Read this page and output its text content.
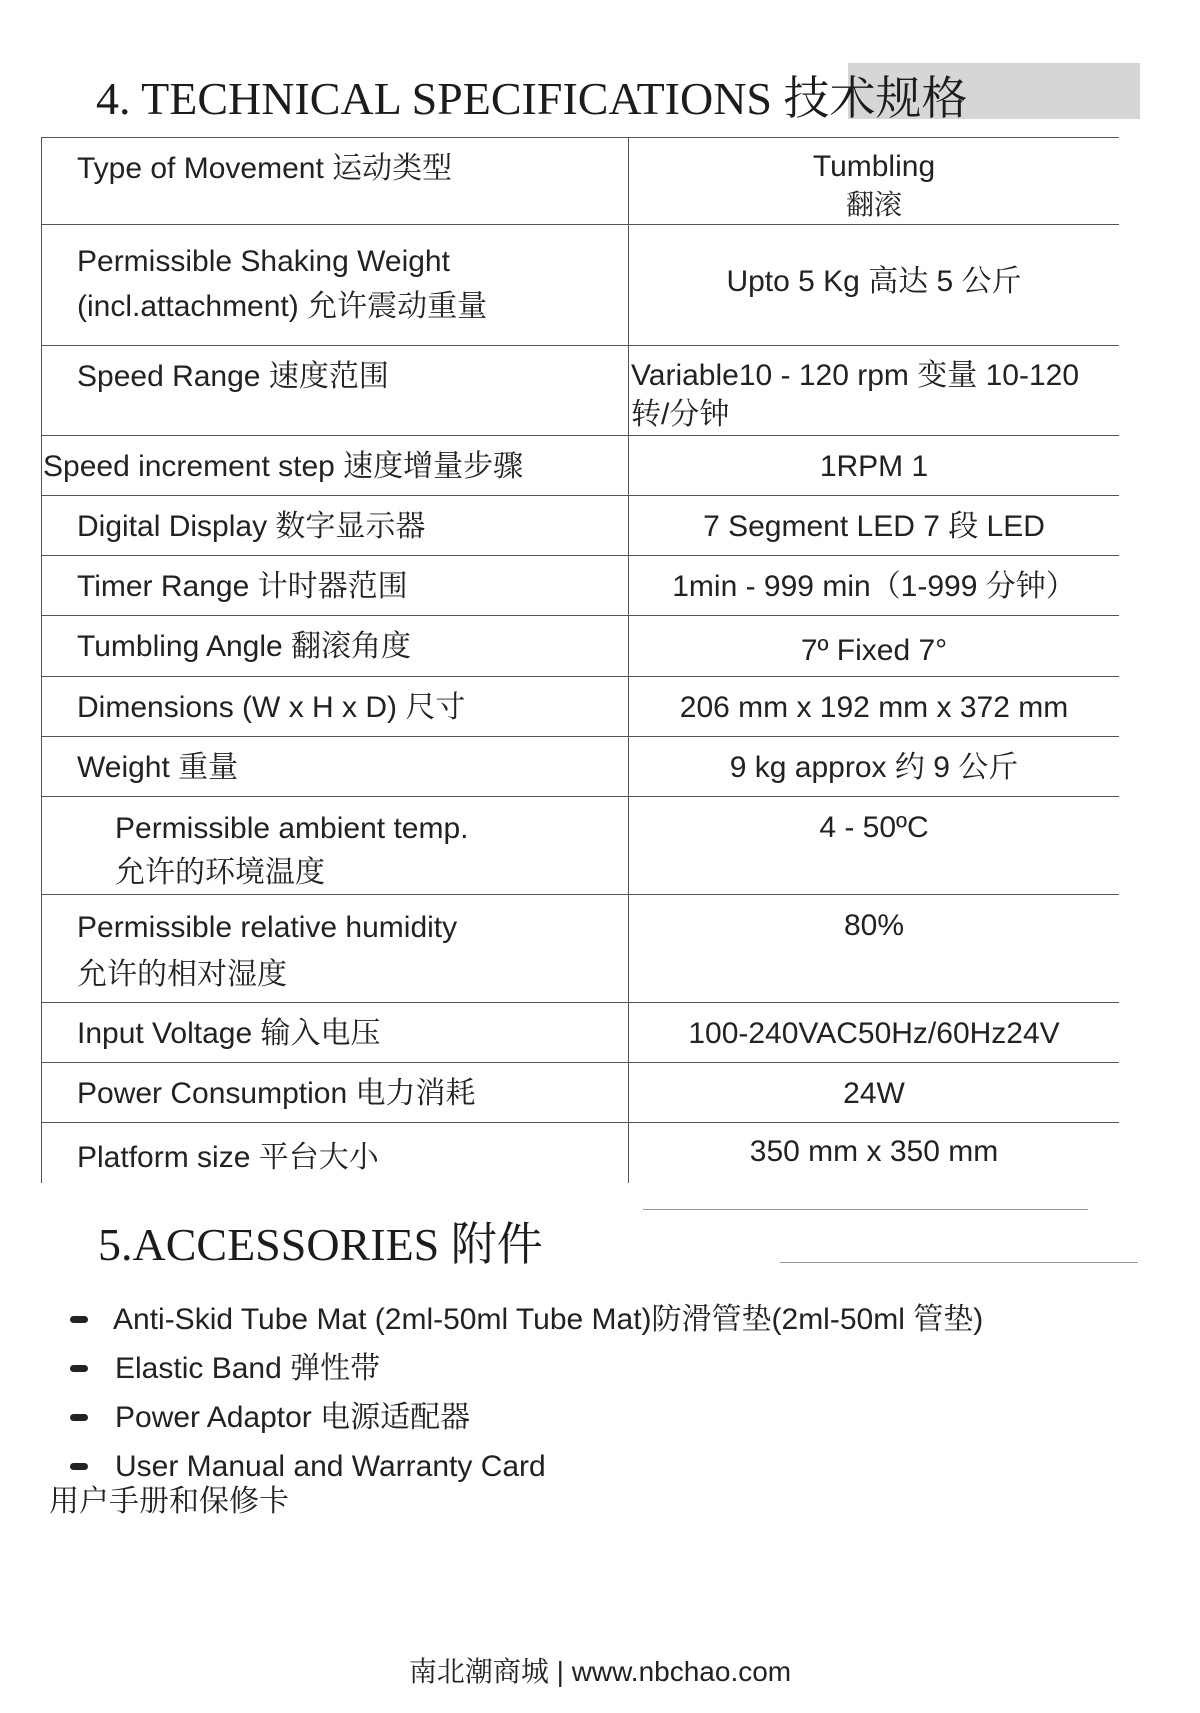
4. TECHNICAL SPECIFICATIONS 技术规格
Type of Movement 运动类型	Tumbling
翻滚

Permissible Shaking Weight
(incl.attachment) 允许震动重量	Upto 5 Kg 高达 5 公斤
Speed Range 速度范围	Variable10 - 120 rpm 变量 10-120
转/分钟

Speed increment step 速度增量步骤	1RPM 1
Digital Display 数字显示器	7 Segment LED 7 段 LED
Timer Range 计时器范围	1min - 999 min（1-999 分钟）
Tumbling Angle 翻滚角度	7º Fixed 7°
Dimensions (W x H x D) 尺寸	206 mm x 192 mm x 372 mm
Weight 重量	9 kg approx 约 9 公斤

Permissible ambient temp.
允许的环境温度	4 - 50ºC

Permissible relative humidity
允许的相对湿度	80%
Input Voltage 输入电压	100-240VAC50Hz/60Hz24V
Power Consumption 电力消耗	24W
Platform size 平台大小	350 mm x 350 mm
5.ACCESSORIES 附件
Anti-Skid Tube Mat (2ml-50ml Tube Mat)防滑管垫(2ml-50ml 管垫)
Elastic Band 弹性带
Power Adaptor 电源适配器
User Manual and Warranty Card
用户手册和保修卡
南北潮商城 | www.nbchao.com
